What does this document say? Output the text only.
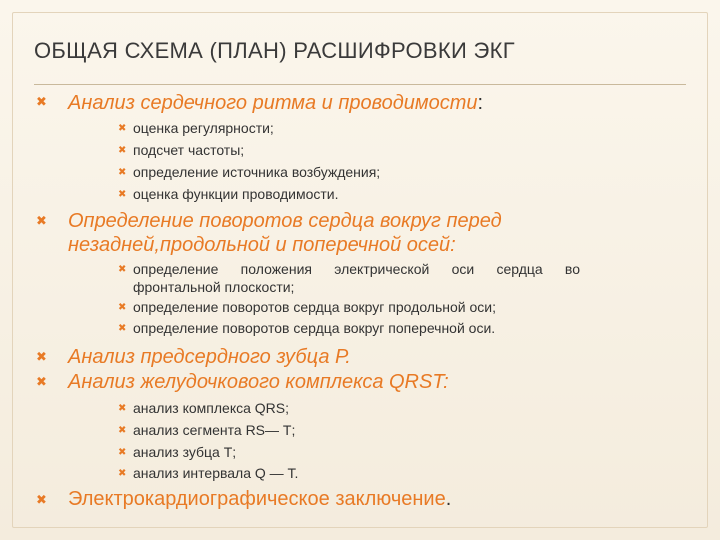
ОБЩАЯ СХЕМА (ПЛАН) РАСШИФРОВКИ ЭКГ
✖ Анализ сердечного ритма и проводимости:
✖ оценка регулярности;
✖ подсчет частоты;
✖ определение источника возбуждения;
✖ оценка функции проводимости.
✖ Определение поворотов сердца вокруг перед
незадней,продольной и поперечной осей:
✖ определение положения электрической оси сердца во
фронтальной плоскости;
✖ определение поворотов сердца вокруг продольной оси;
✖ определение поворотов сердца вокруг поперечной оси.
✖ Анализ предсердного зубца Р.
✖ Анализ желудочкового комплекса QRST:
✖ анализ комплекса QRS;
✖ анализ сегмента RS— Т;
✖ анализ зубца Т;
✖ анализ интервала Q — Т.
✖ Электрокардиографическое заключение.
